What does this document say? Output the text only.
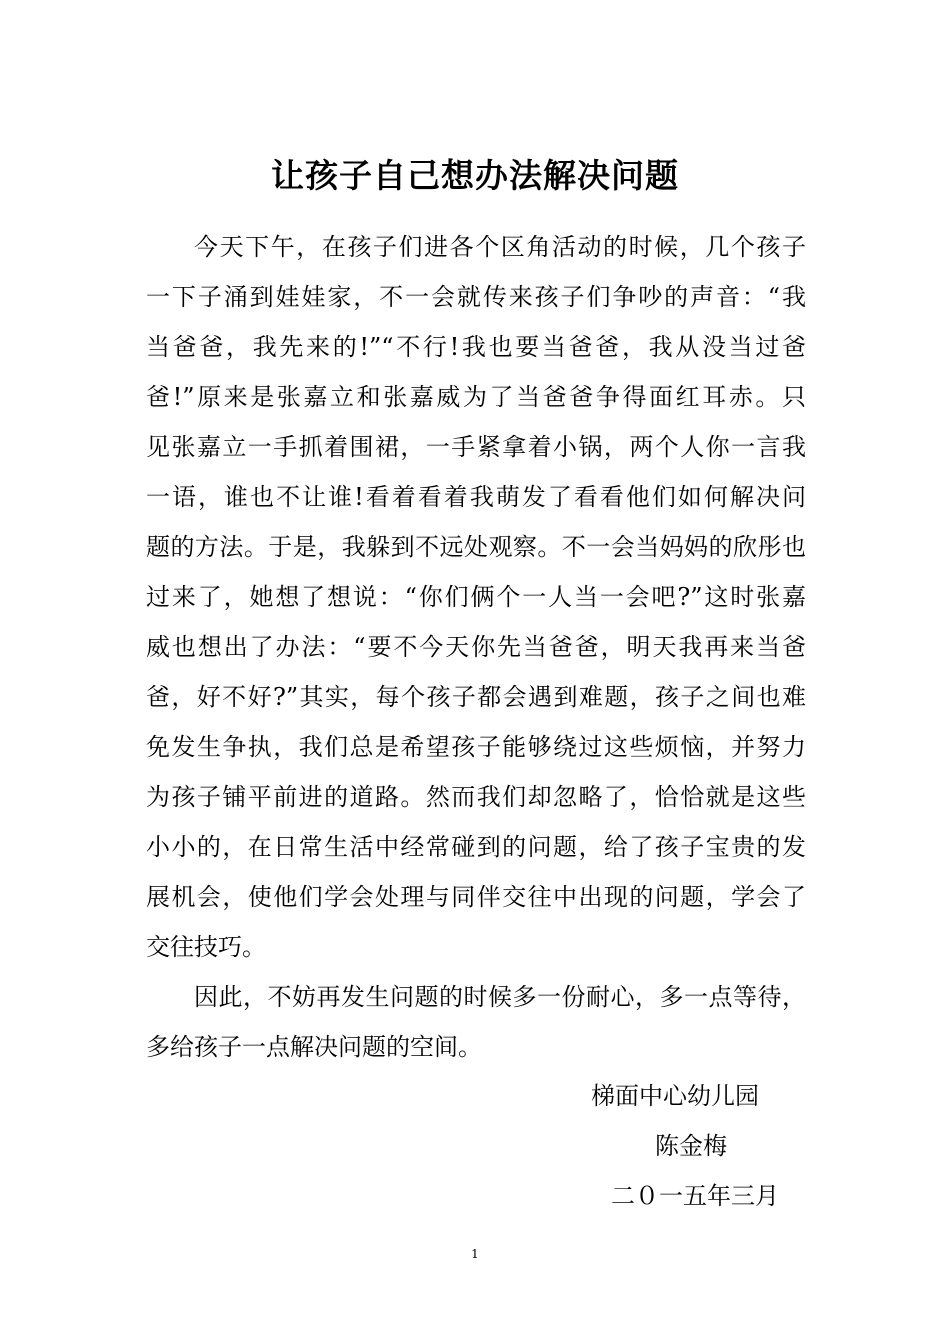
让孩子自己想办法解决问题
今天下午，在孩子们进各个区角活动的时候，几个孩子
一下子涌到娃娃家，不一会就传来孩子们争吵的声音：“我
当爸爸，我先来的!”“不行!我也要当爸爸，我从没当过爸
爸!”原来是张嘉立和张嘉威为了当爸爸争得面红耳赤。只
见张嘉立一手抓着围裙，一手紧拿着小锅，两个人你一言我
一语，谁也不让谁!看着看着我萌发了看看他们如何解决问
题的方法。于是，我躲到不远处观察。不一会当妈妈的欣彤也
过来了，她想了想说：“你们俩个一人当一会吧?”这时张嘉
威也想出了办法：“要不今天你先当爸爸，明天我再来当爸
爸，好不好?”其实，每个孩子都会遇到难题，孩子之间也难
免发生争执，我们总是希望孩子能够绕过这些烦恼，并努力
为孩子铺平前进的道路。然而我们却忽略了，恰恰就是这些
小小的，在日常生活中经常碰到的问题，给了孩子宝贵的发
展机会，使他们学会处理与同伴交往中出现的问题，学会了
交往技巧。
因此，不妨再发生问题的时候多一份耐心，多一点等待，
多给孩子一点解决问题的空间。
梯面中心幼儿园
陈金梅
二０一五年三月
1
